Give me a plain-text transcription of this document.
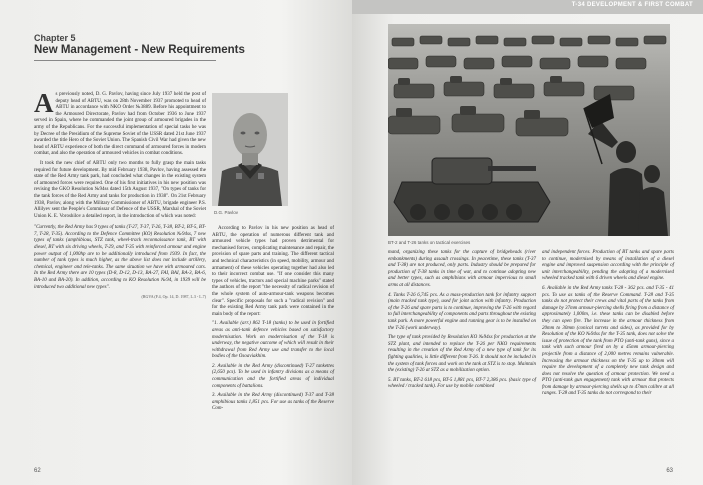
Chapter 5
New Management - New Requirements

As previously noted, D. G. Pavlov, having since July 1937 held the post of deputy head of ABTU, was on 28th November 1937 promoted to head of ABTU in accordance with NKO Order №3889. Before his appointment to the Armoured Directorate, Pavlov had from October 1936 to June 1937 served in Spain, where he commanded the joint group of armoured brigades in the army of the Republicans. For the successful implementation of special tasks he was by Decree of the Presidium of the Supreme Soviet of the USSR dated 21st June 1937 awarded the title Hero of the Soviet Union. The Spanish Civil War had given the new head of ABTU experience of both the direct command of armoured forces in modern combat, and also the operation of armoured vehicles in combat conditions.

It took the new chief of ABTU only two months to fully grasp the main tasks required for future development. By mid February 1938, Pavlov, having assessed the state of the Red Army tank park, had concluded what changes in the existing system of armoured forces were required. One of his first initiatives in his new position was revising the GKO Resolution №94ss dated 15th August 1937, "On types of tanks for the tank forces of the Red Army and tanks for production in 1938". On 21st February 1938, Pavlov, along with the Military Commissioner of ABTU, brigade engineer P.S. Allilyev sent the People's Commissar of Defence of the USSR, Marshal of the Soviet Union K. E. Voroshilov a detailed report, in the introduction of which was noted:

"Currently, the Red Army has 9 types of tanks (T-27, T-37, T-26, T-38, BT-2, BT-5, BT-7, T-28, T-35). According to the Defence Committee (KO) Resolution №94ss, 7 new types of tanks (amphibious, STZ tank, wheel-track reconnaissance tank, BT with diesel, BT with six driving wheels, T-29, and T-35 with reinforced armour and engine power output of 1,000hp are to be additionally introduced from 1939. In fact, the number of tank types is much higher, as the above list does not include artillery, chemical, engineer and tele-tanks. The same situation we have with armoured cars. In the Red Army there are 10 types (D-8, D-12, D-13, BA-27, FAI, BAI, BA-3, BA-6, BA-10 and BA-20). In addition, according to KO Resolution №94, in 1939 will be introduced two additional new types".

(RGVA (F.4, Op. 14, D. 1987, L.3 - L.7)
D.G. Pavlov

According to Pavlov in his new position as head of ABTU, the operation of numerous different tank and armoured vehicle types had proven detrimental for mechanised forces, complicating maintenance and repair, the provision of spare parts and training. The different tactical and technical characteristics (in speed, mobility, armour and armament) of these vehicles operating together had also led to their incorrect combat use. "If one consider this many types of vehicles, tractors and special machine parks" stated the authors of the report "the necessity of radical revision of the whole system of auto-armour-tank weapons becomes clear". Specific proposals for such a "radical revision" and for the existing Red Army tank park were contained in the main body of the report:

"1. Available (arr.) 862 T-18 (tanks) to be used in fortified areas as anti-tank defence vehicles based on satisfactory modernisation. Work on modernisation of the T-18 is underway, the negative outcome of which will result in their withdrawal from Red Army use and transfer to the local bodies of the Osoaviakhim.

2. Available in the Red Army (discontinued) T-27 tankettes (2,650 pcs). To be used in infantry divisions as a means of communication and the fortified areas of individual components of battalions.

3. Available in the Red Army (discontinued) T-37 and T-38 amphibious tanks 1,851 pcs. For use as tanks of the Reserve Com-

62
T-34 DEVELOPMENT & FIRST COMBAT
BT-2 and T-26 tanks on tactical exercises

mand, organizing these tanks for the capture of bridgeheads (river embankments) during assault crossings. In peacetime, these tanks (T-37 and T-38) are not produced, only parts. Industry should be prepared for production of T-38 tanks in time of war, and to continue adopting new and better types, such as amphibians with armour impervious to small arms at all distances.

4. Tanks T-26 6,745 pcs. As a mass-production tank for infantry support (main tracked tank type), used for joint action with infantry. Production of the T-26 and spare parts is to continue, improving the T-26 with regard to full interchangeability of components and parts throughout the existing tank park. A more powerful engine and running gear is to be installed on the T-26 (work underway).

The type of tank provided by Resolution KO №94ss for production at the STZ plant, and intended to replace the T-26 per NKO requirements resulting in the creation of the Red Army of a new type of tank for its fighting qualities, is little different from T-26. It should not be included in the system of tank forces and work on the tank at STZ is to stop. Maintain the (existing) T-26 at STZ as a mobilization option.

5. BT tanks, BT-2 618 pcs, BT-5 1,881 pcs, BT-7 2,386 pcs. (basic type of wheeled / tracked tank). For use by mobile combined

and independent forces. Production of BT tanks and spare parts to continue, modernised by means of installation of a diesel engine and improved suspension according with the principle of unit interchangeability, pending the adopting of a modernised wheeled tracked tank with 6 driven wheels and diesel engine.

6. Available in the Red Army tanks T-28 - 362 pcs. and T-35 - 41 pcs. To use as tanks of the Reserve Command. T-28 and T-35 tanks do not protect their crews and vital parts of the tanks from damage by 37mm armour-piercing shells firing from a distance of approximately 1,000m, i.e. these tanks can be disabled before they can open fire. The increase in the armour thickness from 20mm to 30mm (conical turrets and sides), as provided for by Resolution of the KO №94ss for the T-35 tank, does not solve the issue of protection of the tank from PTO (anti-tank guns), since a tank with such armour fired on by a 45mm armour-piercing projectile from a distance of 2,000 metres remains vulnerable. Increasing the armour thickness on the T-35 up to 30mm will require the development of a completely new tank design and does not resolve the question of armour protection. We need a PTO (anti-tank gun engagement) tank with armour that protects from damage by armour-piercing shells up to 47mm calibre at all ranges. T-28 and T-35 tanks do not correspond to their

63
